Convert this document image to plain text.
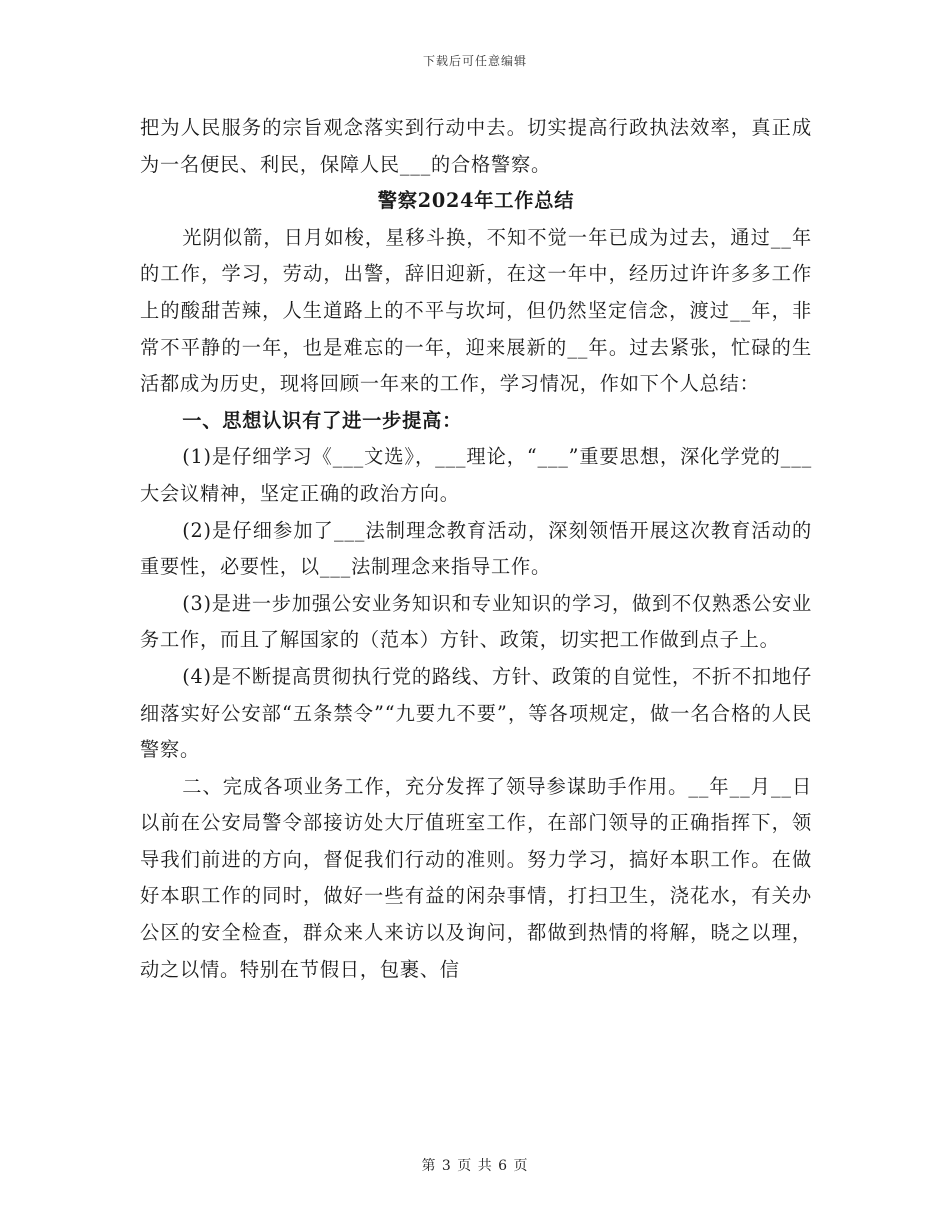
下载后可任意编辑

把为人民服务的宗旨观念落实到行动中去。切实提高行政执法效率，真正成为一名便民、利民，保障人民___的合格警察。

警察2024年工作总结

光阴似箭，日月如梭，星移斗换，不知不觉一年已成为过去，通过__年的工作，学习，劳动，出警，辞旧迎新，在这一年中，经历过许许多多工作上的酸甜苦辣，人生道路上的不平与坎坷，但仍然坚定信念，渡过__年，非常不平静的一年，也是难忘的一年，迎来展新的__年。过去紧张，忙碌的生活都成为历史，现将回顾一年来的工作，学习情况，作如下个人总结：

一、思想认识有了进一步提高：

(1)是仔细学习《___文选》，___理论，“___”重要思想，深化学党的___大会议精神，坚定正确的政治方向。

(2)是仔细参加了___法制理念教育活动，深刻领悟开展这次教育活动的重要性，必要性，以___法制理念来指导工作。

(3)是进一步加强公安业务知识和专业知识的学习，做到不仅熟悉公安业务工作，而且了解国家的（范本）方针、政策，切实把工作做到点子上。

(4)是不断提高贯彻执行党的路线、方针、政策的自觉性，不折不扣地仔细落实好公安部“五条禁令”“九要九不要”，等各项规定，做一名合格的人民警察。

二、完成各项业务工作，充分发挥了领导参谋助手作用。__年__月__日以前在公安局警令部接访处大厅值班室工作，在部门领导的正确指挥下，领导我们前进的方向，督促我们行动的准则。努力学习，搞好本职工作。在做好本职工作的同时，做好一些有益的闲杂事情，打扫卫生，浇花水，有关办公区的安全检查，群众来人来访以及询问，都做到热情的将解，晓之以理，动之以情。特别在节假日，包裹、信

第 3 页 共 6 页
